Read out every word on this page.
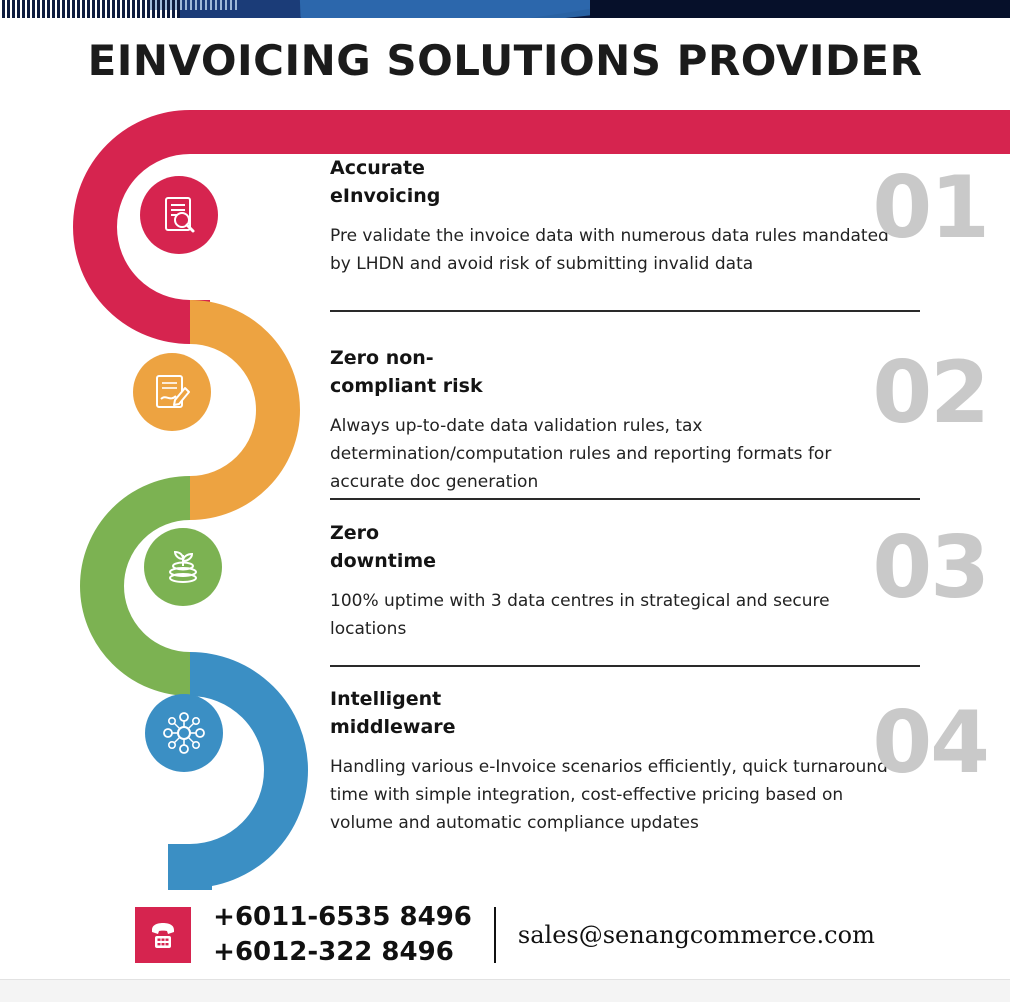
EINVOICING SOLUTIONS PROVIDER
Accurate
eInvoicing
Pre validate the invoice data with numerous data rules mandated by LHDN and avoid risk of submitting invalid data
01
Zero non-
compliant risk
Always up-to-date data validation rules, tax determination/computation rules and reporting formats for accurate doc generation
02
Zero
downtime
100% uptime with 3 data centres in strategical and secure locations
03
Intelligent
middleware
Handling various e-Invoice scenarios efficiently, quick turnaround time with simple integration, cost-effective pricing based on volume and automatic compliance updates
04
+6011-6535 8496
+6012-322 8496
sales@senangcommerce.com
